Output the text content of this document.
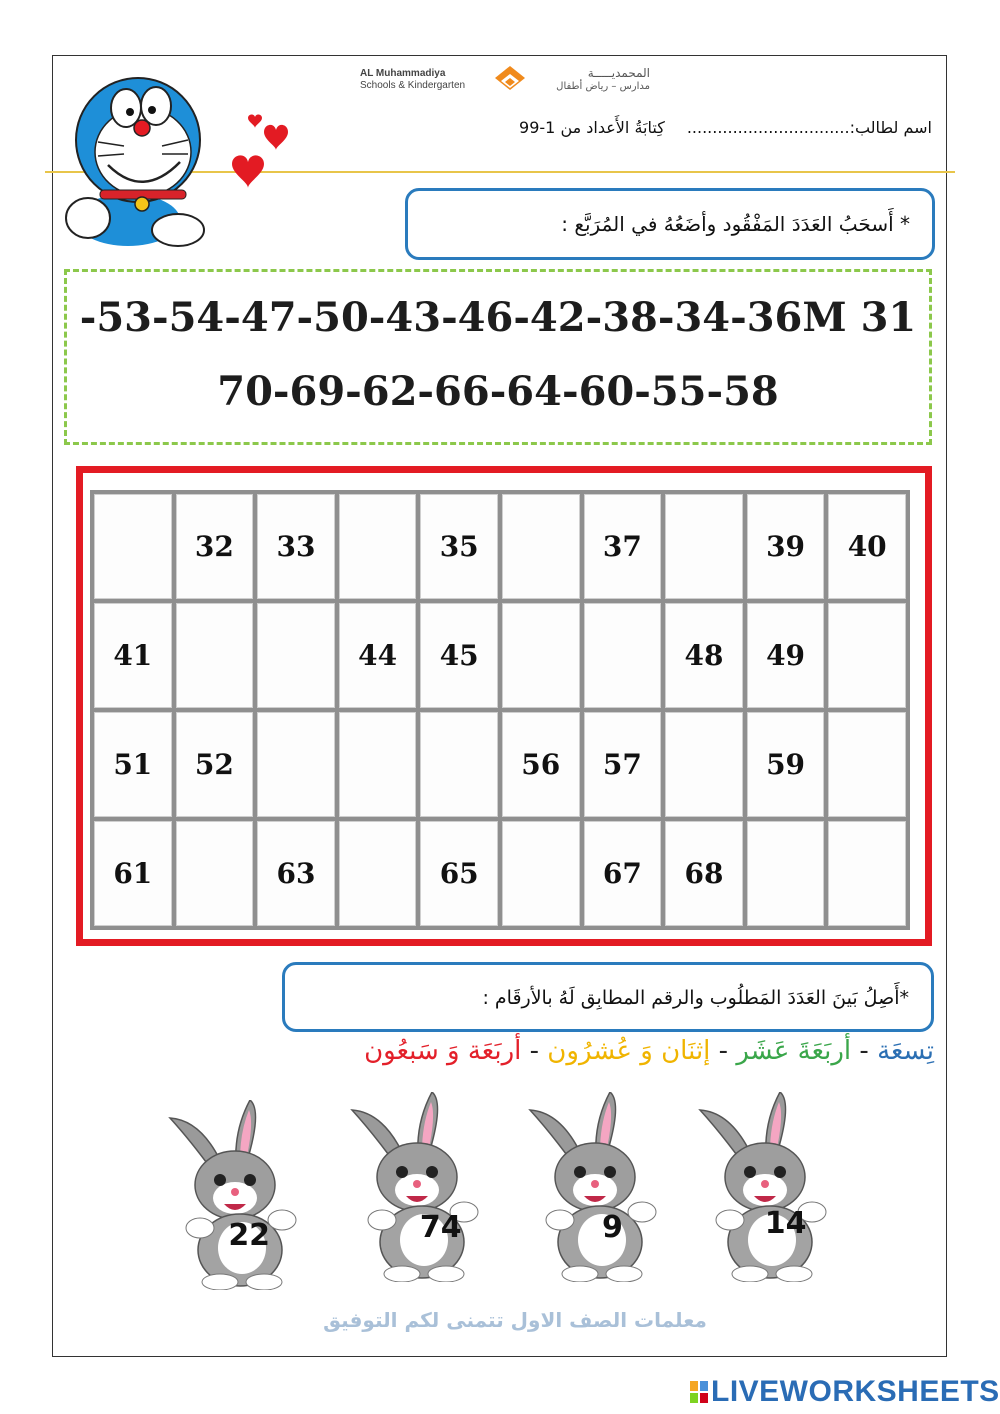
AL Muhammadiya
Schools & Kindergarten
المحمديـــــة
مدارس – رياض أطفال
اسم لطالب:................................كِتابَةُ الأَعداد من 1-99
* أَسحَبُ العَدَدَ المَفْقُود وأضَعُهُ في المُرَبَّع :
-53-54-47-50-43-46-42-38-34-36M 31
70-69-62-66-64-60-55-58
	32	33		35		37		39	40
41			44	45			48	49	
51	52				56	57		59	
61		63		65		67	68		
*أَصِلُ بَينَ العَدَدَ المَطلُوب والرقم المطابِق لَهُ بالأرقَام :
تِسعَة - أربَعَةَ عَشَر - إثنَان وَ عُشرُون - أربَعَة وَ سَبعُون
22	74	9	14
معلمات الصف الاول تتمنى لكم التوفيق
LIVEWORKSHEETS
